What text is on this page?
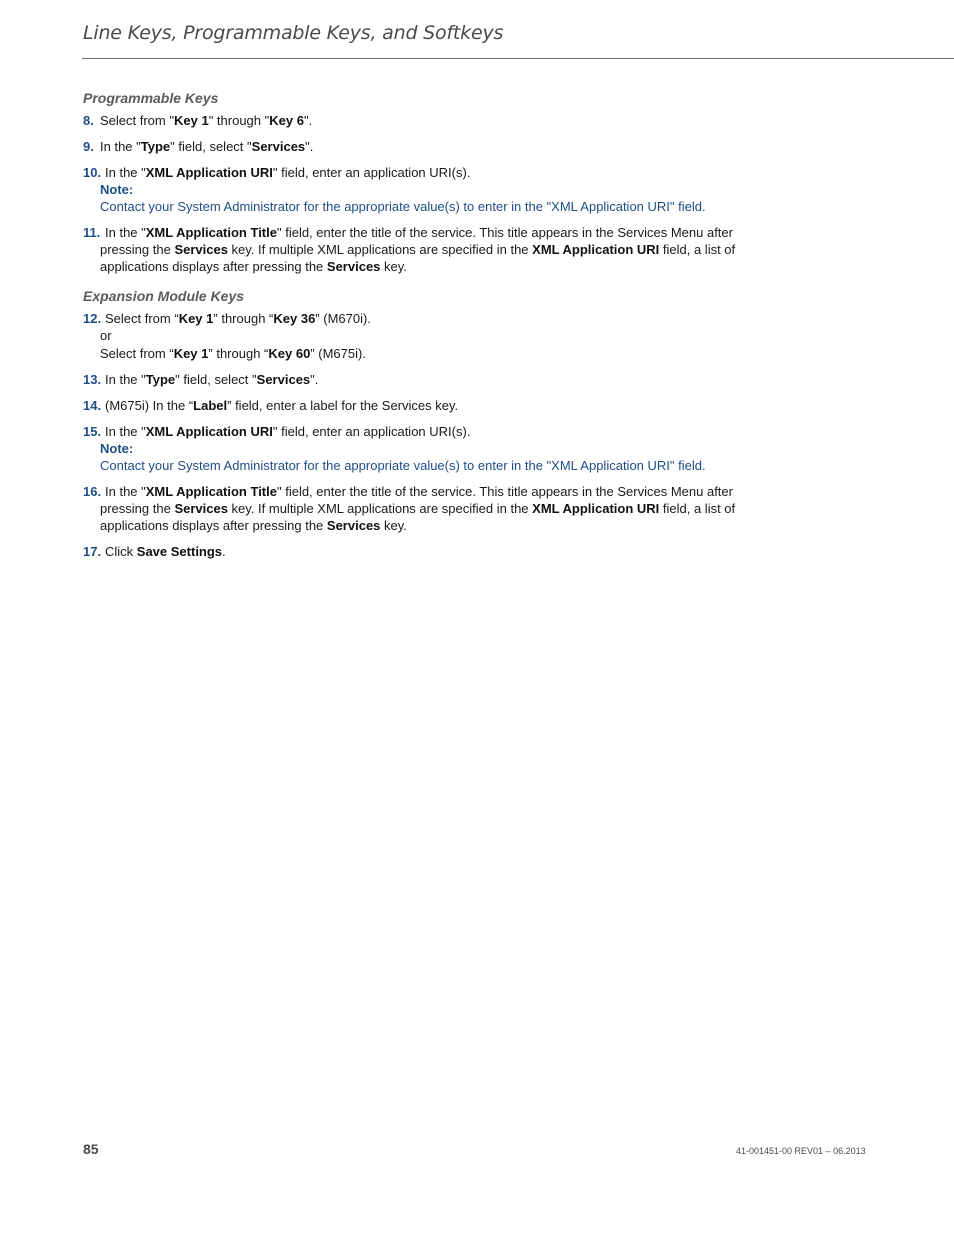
Line Keys, Programmable Keys, and Softkeys
Programmable Keys
8. Select from "Key 1" through "Key 6".
9. In the "Type" field, select "Services".
10. In the "XML Application URI" field, enter an application URI(s).
Note:
Contact your System Administrator for the appropriate value(s) to enter in the "XML Application URI" field.
11. In the "XML Application Title" field, enter the title of the service. This title appears in the Services Menu after pressing the Services key. If multiple XML applications are specified in the XML Application URI field, a list of applications displays after pressing the Services key.
Expansion Module Keys
12. Select from “Key 1” through “Key 36” (M670i).
or
Select from “Key 1” through “Key 60” (M675i).
13. In the "Type" field, select "Services".
14. (M675i) In the “Label” field, enter a label for the Services key.
15. In the "XML Application URI" field, enter an application URI(s).
Note:
Contact your System Administrator for the appropriate value(s) to enter in the "XML Application URI" field.
16. In the "XML Application Title" field, enter the title of the service. This title appears in the Services Menu after pressing the Services key. If multiple XML applications are specified in the XML Application URI field, a list of applications displays after pressing the Services key.
17. Click Save Settings.
85	41-001451-00 REV01 – 06.2013
